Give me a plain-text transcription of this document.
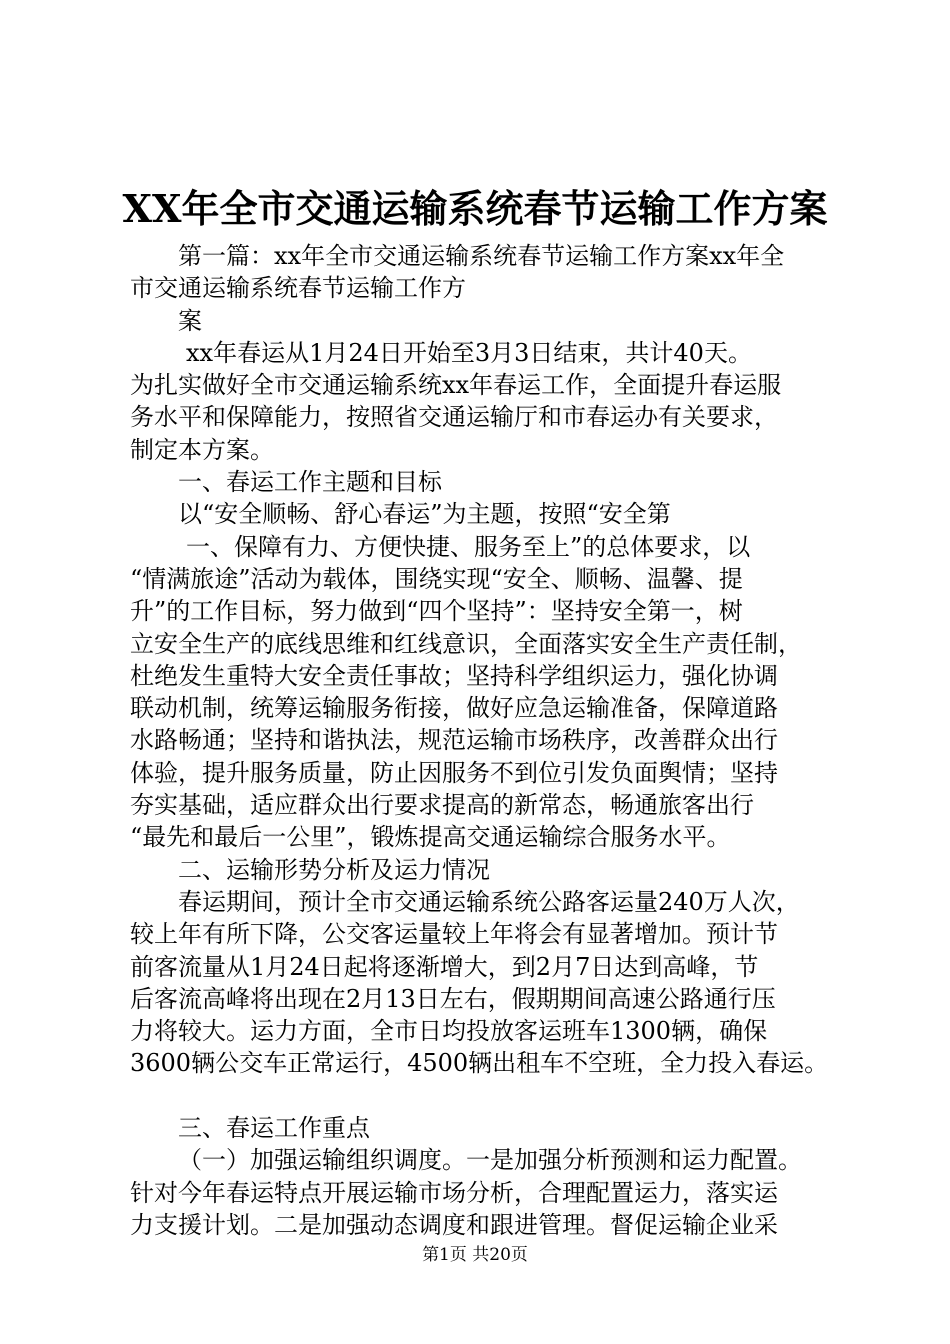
XX年全市交通运输系统春节运输工作方案
第一篇：xx年全市交通运输系统春节运输工作方案xx年全
市交通运输系统春节运输工作方
案
xx年春运从1月24日开始至3月3日结束，共计40天。
为扎实做好全市交通运输系统xx年春运工作，全面提升春运服
务水平和保障能力，按照省交通运输厅和市春运办有关要求，
制定本方案。
一、春运工作主题和目标
以“安全顺畅、舒心春运”为主题，按照“安全第
一、保障有力、方便快捷、服务至上”的总体要求，以
“情满旅途”活动为载体，围绕实现“安全、顺畅、温馨、提
升”的工作目标，努力做到“四个坚持”：坚持安全第一，树
立安全生产的底线思维和红线意识，全面落实安全生产责任制，
杜绝发生重特大安全责任事故；坚持科学组织运力，强化协调
联动机制，统筹运输服务衔接，做好应急运输准备，保障道路
水路畅通；坚持和谐执法，规范运输市场秩序，改善群众出行
体验，提升服务质量，防止因服务不到位引发负面舆情；坚持
夯实基础，适应群众出行要求提高的新常态，畅通旅客出行
“最先和最后一公里”，锻炼提高交通运输综合服务水平。
二、运输形势分析及运力情况
春运期间，预计全市交通运输系统公路客运量240万人次，
较上年有所下降，公交客运量较上年将会有显著增加。预计节
前客流量从1月24日起将逐渐增大，到2月7日达到高峰，节
后客流高峰将出现在2月13日左右，假期期间高速公路通行压
力将较大。运力方面，全市日均投放客运班车1300辆，确保
3600辆公交车正常运行，4500辆出租车不空班，全力投入春运。
三、春运工作重点
（一）加强运输组织调度。一是加强分析预测和运力配置。
针对今年春运特点开展运输市场分析，合理配置运力，落实运
力支援计划。二是加强动态调度和跟进管理。督促运输企业采
第1页 共20页
